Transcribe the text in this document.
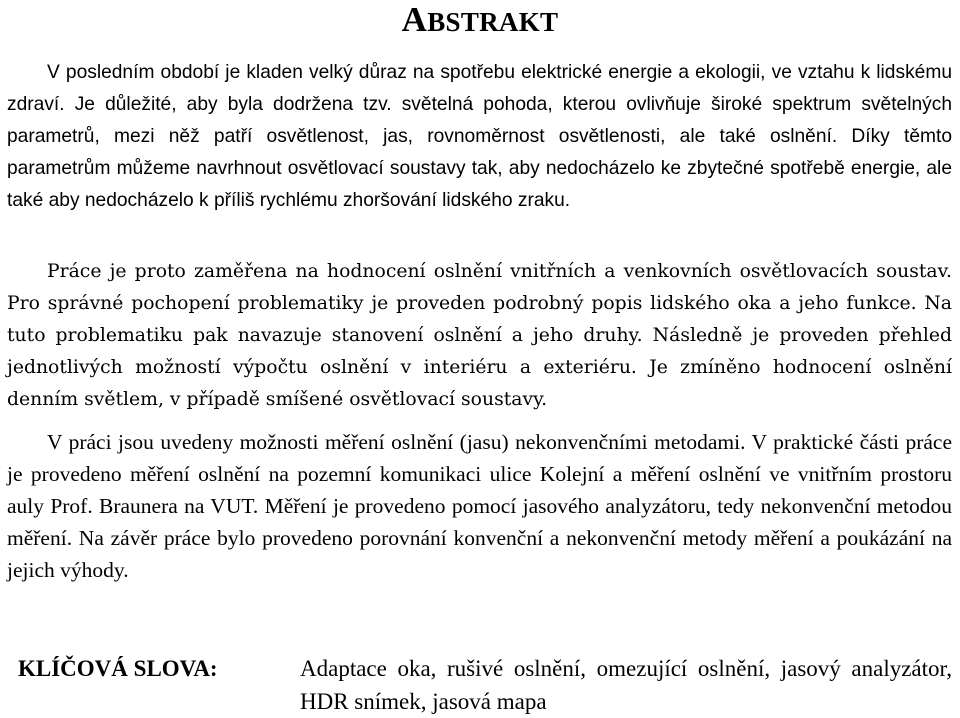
ABSTRAKT

V posledním období je kladen velký důraz na spotřebu elektrické energie a ekologii, ve vztahu k lidskému zdraví. Je důležité, aby byla dodržena tzv. světelná pohoda, kterou ovlivňuje široké spektrum světelných parametrů, mezi něž patří osvětlenost, jas, rovnoměrnost osvětlenosti, ale také oslnění. Díky těmto parametrům můžeme navrhnout osvětlovací soustavy tak, aby nedocházelo ke zbytečné spotřebě energie, ale také aby nedocházelo k příliš rychlému zhoršování lidského zraku.

Práce je proto zaměřena na hodnocení oslnění vnitřních a venkovních osvětlovacích soustav. Pro správné pochopení problematiky je proveden podrobný popis lidského oka a jeho funkce. Na tuto problematiku pak navazuje stanovení oslnění a jeho druhy. Následně je proveden přehled jednotlivých možností výpočtu oslnění v interiéru a exteriéru. Je zmíněno hodnocení oslnění denním světlem, v případě smíšené osvětlovací soustavy.

V práci jsou uvedeny možnosti měření oslnění (jasu) nekonvenčními metodami. V praktické části práce je provedeno měření oslnění na pozemní komunikaci ulice Kolejní a měření oslnění ve vnitřním prostoru auly Prof. Braunera na VUT. Měření je provedeno pomocí jasového analyzátoru, tedy nekonvenční metodou měření. Na závěr práce bylo provedeno porovnání konvenční a nekonvenční metody měření a poukázání na jejich výhody.

KLÍČOVÁ SLOVA:	Adaptace oka, rušivé oslnění, omezující oslnění, jasový analyzátor, HDR snímek, jasová mapa
